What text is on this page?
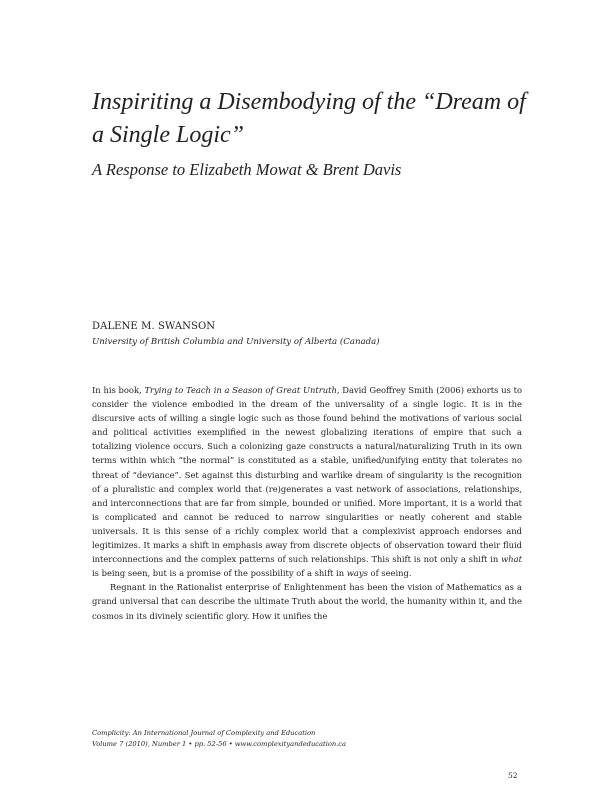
Inspiriting a Disembodying of the “Dream of a Single Logic”
A Response to Elizabeth Mowat & Brent Davis
DALENE M. SWANSON
University of British Columbia and University of Alberta (Canada)

In his book, Trying to Teach in a Season of Great Untruth, David Geoffrey Smith (2006) exhorts us to consider the violence embodied in the dream of the universality of a single logic. It is in the discursive acts of willing a single logic such as those found behind the motivations of various social and political activities exemplified in the newest globalizing iterations of empire that such a totalizing violence occurs. Such a colonizing gaze constructs a natural/naturalizing Truth in its own terms within which “the normal” is constituted as a stable, unified/unifying entity that tolerates no threat of “deviance”. Set against this disturbing and warlike dream of singularity is the recognition of a pluralistic and complex world that (re)generates a vast network of associations, relationships, and interconnections that are far from simple, bounded or unified. More important, it is a world that is complicated and cannot be reduced to narrow singularities or neatly coherent and stable universals. It is this sense of a richly complex world that a complexivist approach endorses and legitimizes. It marks a shift in emphasis away from discrete objects of observation toward their fluid interconnections and the complex patterns of such relationships. This shift is not only a shift in what is being seen, but is a promise of the possibility of a shift in ways of seeing.

Regnant in the Rationalist enterprise of Enlightenment has been the vision of Mathematics as a grand universal that can describe the ultimate Truth about the world, the humanity within it, and the cosmos in its divinely scientific glory. How it unifies the

Complicity: An International Journal of Complexity and Education
Volume 7 (2010), Number 1 • pp. 52-56 • www.complexityandeducation.ca
52
